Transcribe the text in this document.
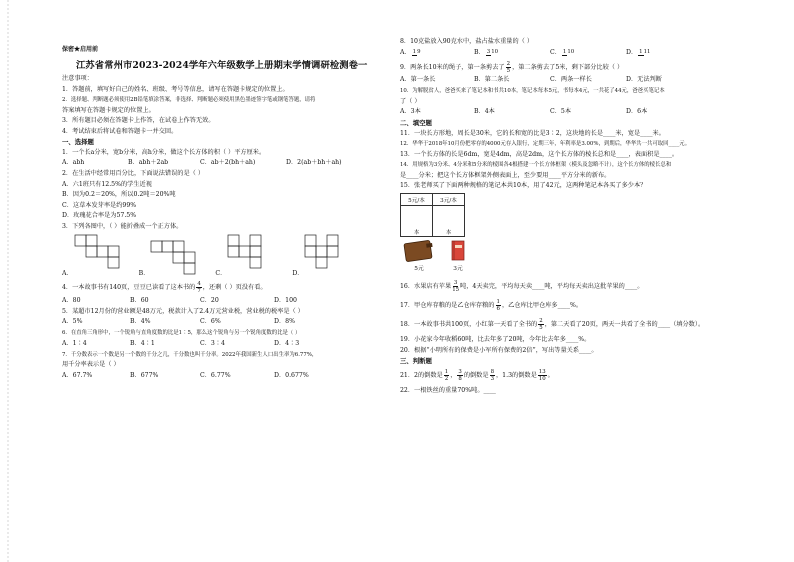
保密★启用前
江苏省常州市2023-2024学年六年级数学上册期末学情调研检测卷一
注意事项：
1．答题前，填写好自己的姓名、班级、考号等信息，请写在答题卡规定的位置上。
2．选择题、判断题必须使用2B铅笔填涂答案，非选择、判断题必须使用黑色墨迹签字笔或钢笔答题，请将
答案填写在答题卡规定的位置上。
3．所有题目必须在答题卡上作答，在试卷上作答无效。
4．考试结束后将试卷和答题卡一并交回。
一、选择题
1．一个长a分米，宽b分米，高h分米，做这个长方体的积（ ）平方厘米。
A．abh	B．abh＋2ab	C．ab＋2(bh＋ah)	D．2(ab＋bh＋ah)
2．在生活中经常用百分比，下面说法错误的是（ ）
A．六1班只有12.5%的学生近视
B．因为0.2＝20%，所以0.2吨＝20%吨
C．这草本发芽率是约99%
D．玫瑰花合率是为57.5%
3．下列各图中，（ ）能折叠成一个正方体。
A．	B．	C．	D．
4．一本故事书有140页，豆豆已读看了这本书的 $\frac{4}{7}$ ，还剩（ ）页没有看。
A．80	B．60	C．20	D．100
5．某超市12月份的营业额是48万元，税款计入了2.4万元营业税，营业税的税率是（ ）
A．5%	B．4%	C．6%	D．8%
6．在直角三角形中，一个锐角与直角度数的比是1∶5，那么这个锐角与另一个锐角度数的比是（ ）
A．1∶4	B．4∶1	C．3∶4	D．4∶3
7．千分数表示一个数是另一个数的千分之几，千分数也叫千分率。2022年我国新生人口出生率为6.77%，
用千分率表示是（ ）
A．67.7%	B．677%	C．6.77%	D．0.677%
8．10克盐放入90克水中，盐占盐水重量的（ ）
A． 19	B． 310	C． 110	D． 111
9．两条长10米的绳子，第一条剪去了 $\frac{2}{5}$ ，第二条剪去了5米，剩下部分比较（ ）
A．第一条长	B．第二条长	C．两条一样长	D．无法判断
10．为解脱贫人，爸爸买来了笔记本和书共10本，笔记本每本5元，书每本4元，一共花了44元，爸爸买笔记本
了（ ）
A．3本	B．4本	C．5本	D．6本
二、填空题
11．一块长方形地，周长是30米，它的长和宽的比是3∶2，这块地的长是____米，宽是____米。
12．华华于2018年10月份把零存的4000元存入银行，定期三年，年利率是3.00%，到期后，华华共一共可取回____元。
13．一个长方体的长是6dm，宽是4dm，高是2dm，这个长方体的棱长总和是____，表面积是____。
14．用规格为3分米、4分米和5分米的棱围各4根搭建一个长方体框架（模头及忽略不计），这个长方体的棱长总和
是____分米；把这个长方体框架外侧表面上，至少要用____平方分米的新布。
15．张老师买了下面两种规格的笔记本共10本，用了42元，这两种笔记本各买了多少本？
5元/本	3元/本
本	本
5元	3元
16．水果店有苹果 $\frac{3}{15}$ 吨，4天卖完，平均每天卖____吨，平均每天卖出这批苹果的____。
17．甲仓库存粮的是乙仓库存粮的 $\frac{1}{6}$ ，乙仓库比甲仓库多____%。
18．一本故事书共100页，小红第一天看了全书的 $\frac{2}{5}$ ，第二天看了20页，两天一共看了全书的____（填分数）。
19．小花家今年收稻60吨，比去年多了20吨，今年比去年多____%。
20．根据“小明所有的保费是小军所有保费的2倍”，写出等量关系____。
三、判断题
21．2的倒数是 $\frac{1}{2}$ ， $\frac{3}{8}$ 的倒数是 $\frac{8}{3}$ ，1.3的倒数是 $\frac{13}{10}$ 。
22．一根铁丝的重量70%吨。____
